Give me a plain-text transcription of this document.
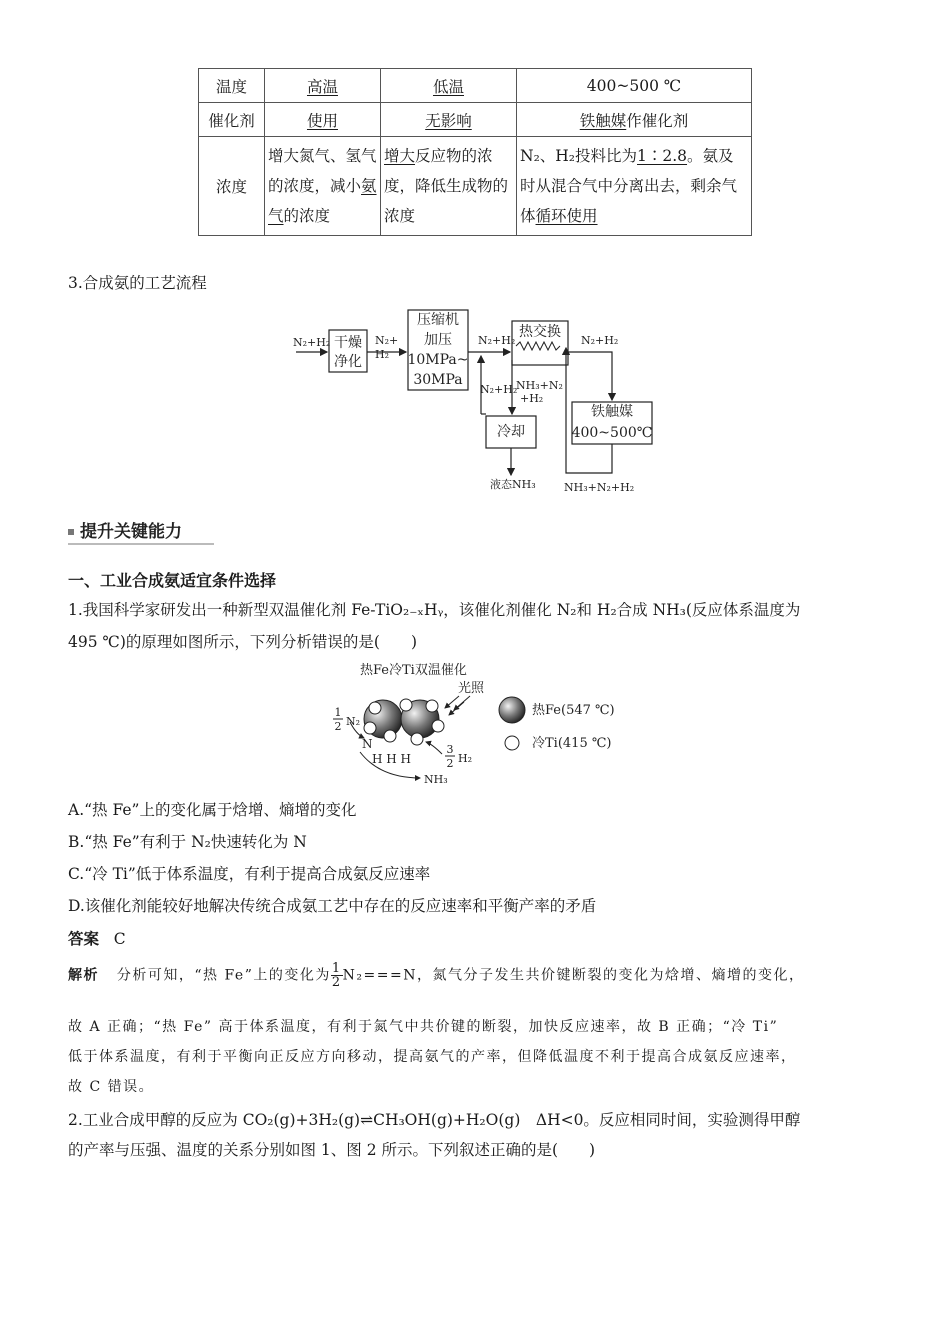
温度	高温	低温	400~500 ℃
催化剂	使用	无影响	铁触媒作催化剂
浓度	增大氮气、氢气的浓度，减小氨气的浓度	增大反应物的浓度，降低生成物的浓度	N₂、H₂投料比为1∶2.8。氨及时从混合气中分离出去，剩余气体循环使用
3.合成氨的工艺流程
N₂+H₂	N₂+
H₂
N₂+H₂	N₂+H₂
N₂+H₂
NH₃+N₂
+H₂
液态NH₃	NH₃+N₂+H₂
干燥
净化
压缩机
加压
10MPa~
30MPa
热交换
铁触媒
400~500℃
冷却
提升关键能力
一、工业合成氨适宜条件选择
1.我国科学家研发出一种新型双温催化剂 Fe-TiO₂₋ₓHᵧ，该催化剂催化 N₂和 H₂合成 NH₃(反应体系温度为
495 ℃)的原理如图所示，下列分析错误的是(　　)
热Fe冷Ti双温催化
光照
1
2 N₂
N
H H H
3
2 H₂
NH₃
热Fe(547 ℃)
冷Ti(415 ℃)
A.“热 Fe”上的变化属于焓增、熵增的变化
B.“热 Fe”有利于 N₂快速转化为 N
C.“冷 Ti”低于体系温度，有利于提高合成氨反应速率
D.该催化剂能较好地解决传统合成氨工艺中存在的反应速率和平衡产率的矛盾
答案 C
解析 分析可知，“热 Fe”上的变化为 $\frac{1}{2} N_2===N$，氮气分子发生共价键断裂的变化为焓增、熵增的变化，
故 A 正确；“热 Fe” 高于体系温度，有利于氮气中共价键的断裂，加快反应速率，故 B 正确；“冷 Ti”
低于体系温度，有利于平衡向正反应方向移动，提高氨气的产率，但降低温度不利于提高合成氨反应速率，
故 C 错误。
2.工业合成甲醇的反应为 CO₂(g)+3H₂(g)⇌CH₃OH(g)+H₂O(g)　ΔH<0。反应相同时间，实验测得甲醇
的产率与压强、温度的关系分别如图 1、图 2 所示。下列叙述正确的是(　　)
